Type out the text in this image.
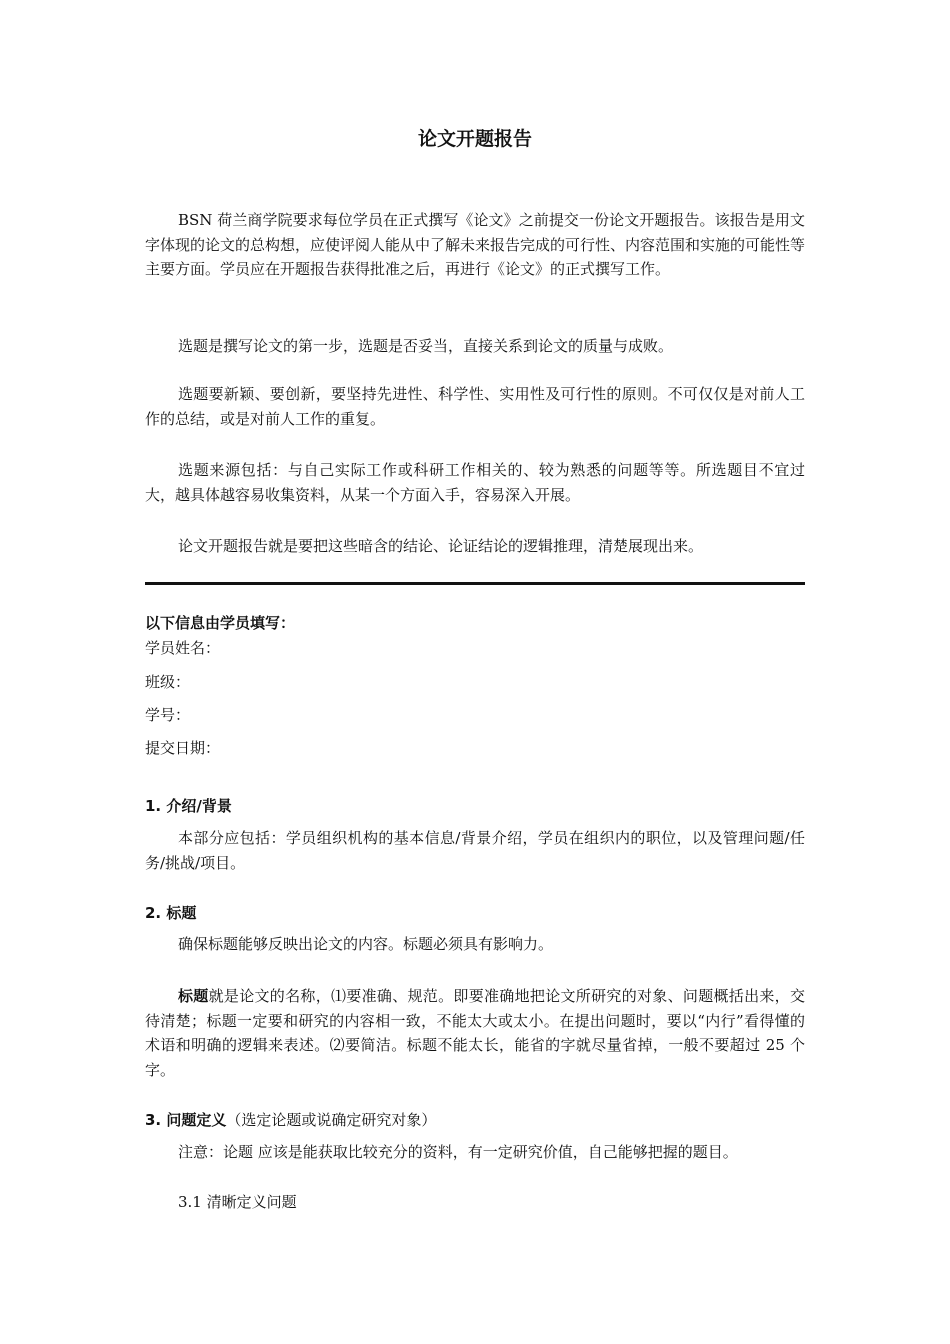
论文开题报告

BSN 荷兰商学院要求每位学员在正式撰写《论文》之前提交一份论文开题报告。该报告是用文字体现的论文的总构想，应使评阅人能从中了解未来报告完成的可行性、内容范围和实施的可能性等主要方面。学员应在开题报告获得批准之后，再进行《论文》的正式撰写工作。

选题是撰写论文的第一步，选题是否妥当，直接关系到论文的质量与成败。

选题要新颖、要创新，要坚持先进性、科学性、实用性及可行性的原则。不可仅仅是对前人工作的总结，或是对前人工作的重复。

选题来源包括：与自己实际工作或科研工作相关的、较为熟悉的问题等等。所选题目不宜过大，越具体越容易收集资料，从某一个方面入手，容易深入开展。

论文开题报告就是要把这些暗含的结论、论证结论的逻辑推理，清楚展现出来。

以下信息由学员填写：

学员姓名：

班级：

学号：

提交日期：

1. 介绍/背景

本部分应包括：学员组织机构的基本信息/背景介绍，学员在组织内的职位，以及管理问题/任务/挑战/项目。

2. 标题

确保标题能够反映出论文的内容。标题必须具有影响力。

标题就是论文的名称，⑴要准确、规范。即要准确地把论文所研究的对象、问题概括出来，交待清楚；标题一定要和研究的内容相一致，不能太大或太小。在提出问题时，要以“内行”看得懂的术语和明确的逻辑来表述。⑵要简洁。标题不能太长，能省的字就尽量省掉，一般不要超过 25 个字。

3. 问题定义（选定论题或说确定研究对象）

注意：论题 应该是能获取比较充分的资料，有一定研究价值，自己能够把握的题目。

3.1 清晰定义问题
